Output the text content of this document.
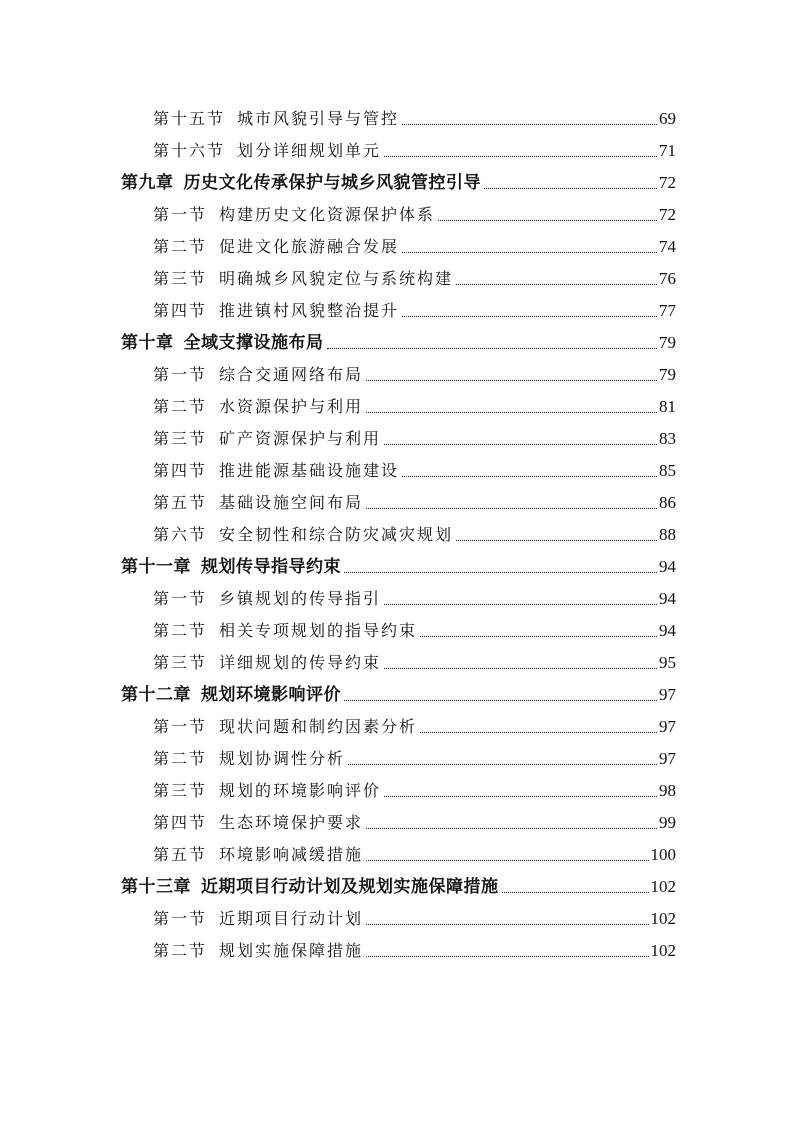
第十五节 城市风貌引导与管控	69
第十六节 划分详细规划单元	71
第九章 历史文化传承保护与城乡风貌管控引导	72
第一节 构建历史文化资源保护体系	72
第二节 促进文化旅游融合发展	74
第三节 明确城乡风貌定位与系统构建	76
第四节 推进镇村风貌整治提升	77
第十章 全域支撑设施布局	79
第一节 综合交通网络布局	79
第二节 水资源保护与利用	81
第三节 矿产资源保护与利用	83
第四节 推进能源基础设施建设	85
第五节 基础设施空间布局	86
第六节 安全韧性和综合防灾减灾规划	88
第十一章 规划传导指导约束	94
第一节 乡镇规划的传导指引	94
第二节 相关专项规划的指导约束	94
第三节 详细规划的传导约束	95
第十二章 规划环境影响评价	97
第一节 现状问题和制约因素分析	97
第二节 规划协调性分析	97
第三节 规划的环境影响评价	98
第四节 生态环境保护要求	99
第五节 环境影响减缓措施	100
第十三章 近期项目行动计划及规划实施保障措施	102
第一节 近期项目行动计划	102
第二节 规划实施保障措施	102
